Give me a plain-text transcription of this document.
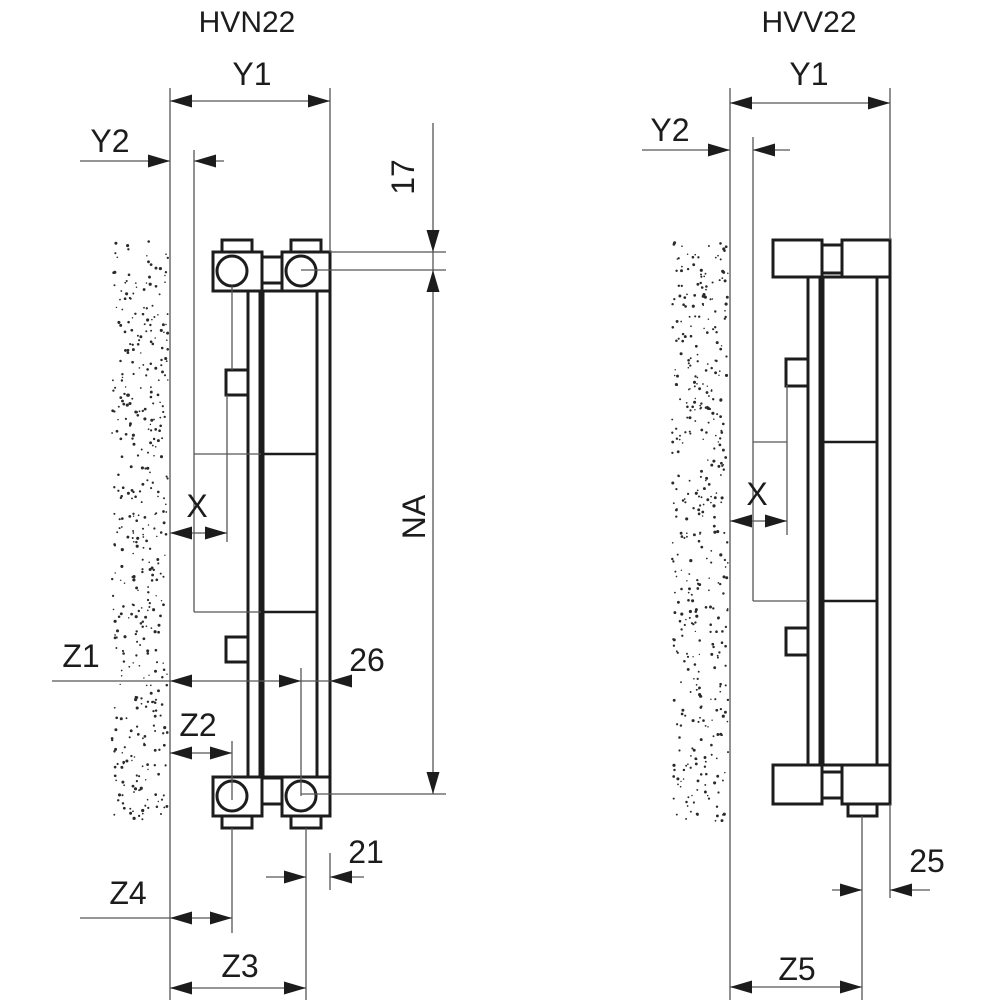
HVN22
Y1
Y2
17
X	NA
Z1	26
Z2
21
Z4
Z3
HVV22
Y1
Y2
X
25
Z5
